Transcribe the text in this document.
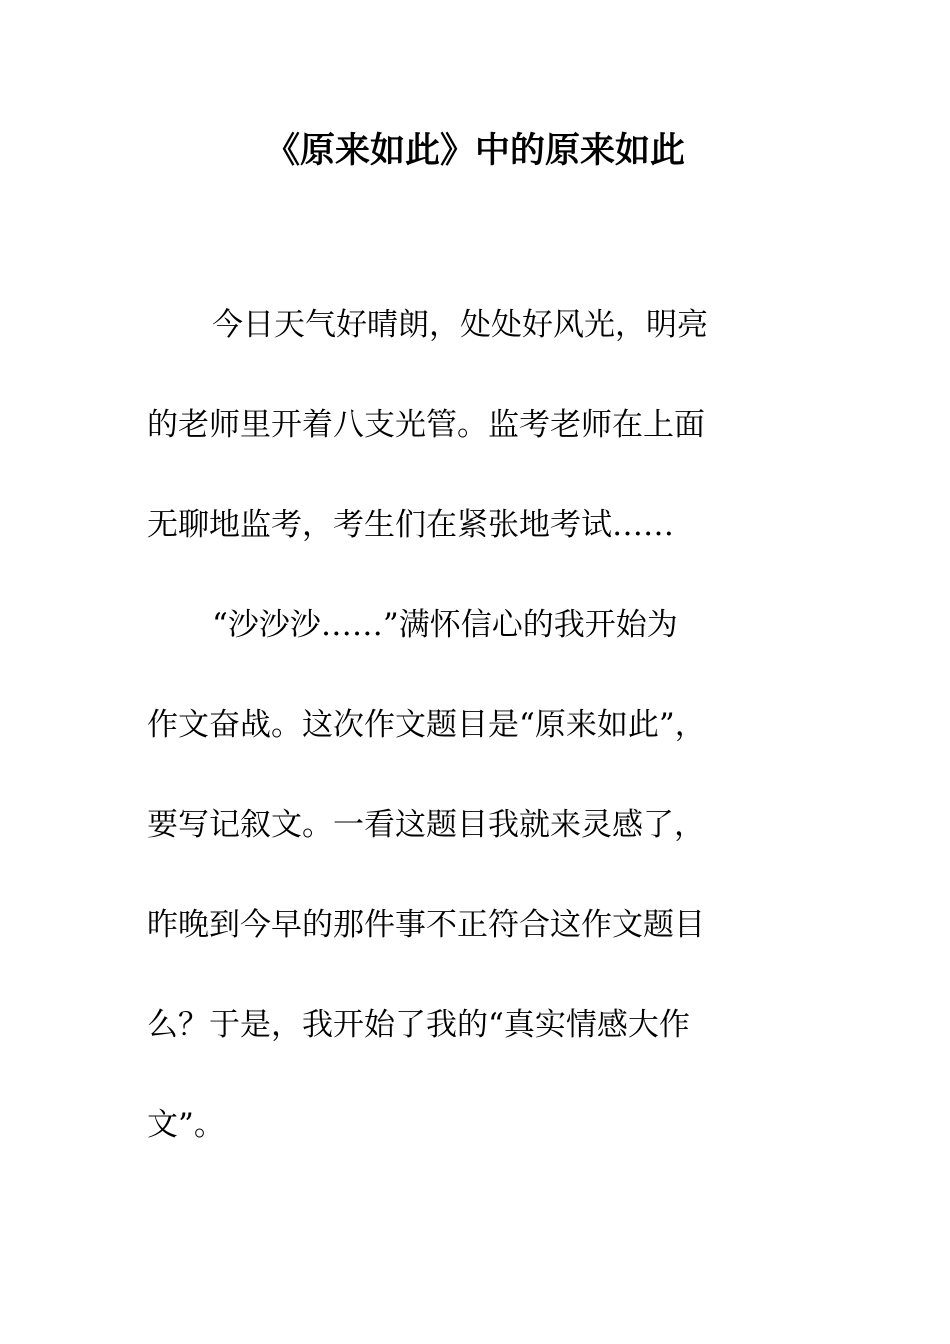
《原来如此》中的原来如此
今日天气好晴朗，处处好风光，明亮
的老师里开着八支光管。监考老师在上面
无聊地监考，考生们在紧张地考试……
“沙沙沙……”满怀信心的我开始为
作文奋战。这次作文题目是“原来如此”，
要写记叙文。一看这题目我就来灵感了，
昨晚到今早的那件事不正符合这作文题目
么？于是，我开始了我的“真实情感大作
文”。
